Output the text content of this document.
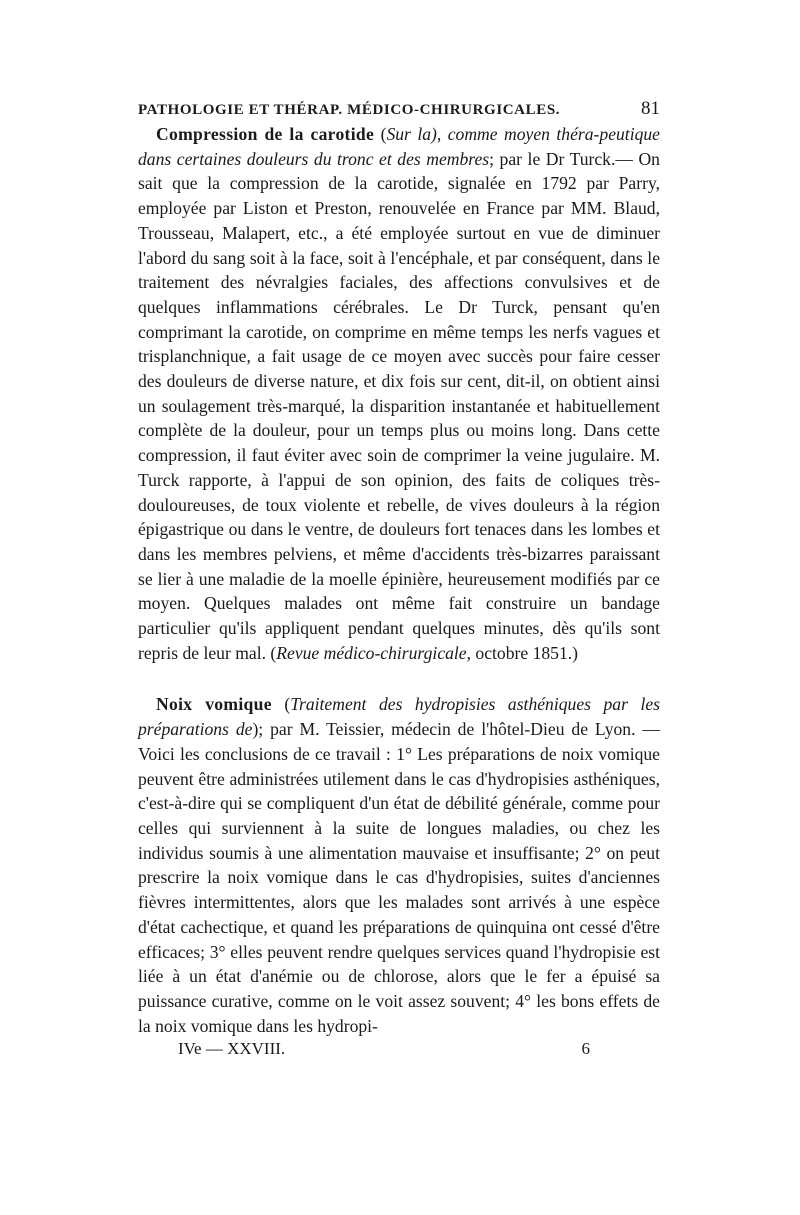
PATHOLOGIE ET THÉRAP. MÉDICO-CHIRURGICALES.	81

Compression de la carotide (Sur la), comme moyen théra-peutique dans certaines douleurs du tronc et des membres; par le Dr Turck.— On sait que la compression de la carotide, signalée en 1792 par Parry, employée par Liston et Preston, renouvelée en France par MM. Blaud, Trousseau, Malapert, etc., a été employée surtout en vue de diminuer l'abord du sang soit à la face, soit à l'encéphale, et par conséquent, dans le traitement des névralgies faciales, des affections convulsives et de quelques inflammations cérébrales. Le Dr Turck, pensant qu'en comprimant la carotide, on comprime en même temps les nerfs vagues et trisplanchnique, a fait usage de ce moyen avec succès pour faire cesser des douleurs de diverse nature, et dix fois sur cent, dit-il, on obtient ainsi un soulagement très-marqué, la disparition instantanée et habituellement complète de la douleur, pour un temps plus ou moins long. Dans cette compression, il faut éviter avec soin de comprimer la veine jugulaire. M. Turck rapporte, à l'appui de son opinion, des faits de coliques très-douloureuses, de toux violente et rebelle, de vives douleurs à la région épigastrique ou dans le ventre, de douleurs fort tenaces dans les lombes et dans les membres pelviens, et même d'accidents très-bizarres paraissant se lier à une maladie de la moelle épinière, heureusement modifiés par ce moyen. Quelques malades ont même fait construire un bandage particulier qu'ils appliquent pendant quelques minutes, dès qu'ils sont repris de leur mal. (Revue médico-chirurgicale, octobre 1851.)

Noix vomique (Traitement des hydropisies asthéniques par les préparations de); par M. Teissier, médecin de l'hôtel-Dieu de Lyon. — Voici les conclusions de ce travail : 1° Les préparations de noix vomique peuvent être administrées utilement dans le cas d'hydropisies asthéniques, c'est-à-dire qui se compliquent d'un état de débilité générale, comme pour celles qui surviennent à la suite de longues maladies, ou chez les individus soumis à une alimentation mauvaise et insuffisante; 2° on peut prescrire la noix vomique dans le cas d'hydropisies, suites d'anciennes fièvres intermittentes, alors que les malades sont arrivés à une espèce d'état cachectique, et quand les préparations de quinquina ont cessé d'être efficaces; 3° elles peuvent rendre quelques services quand l'hydropisie est liée à un état d'anémie ou de chlorose, alors que le fer a épuisé sa puissance curative, comme on le voit assez souvent; 4° les bons effets de la noix vomique dans les hydropi-

IVe — XXVIII.	6
